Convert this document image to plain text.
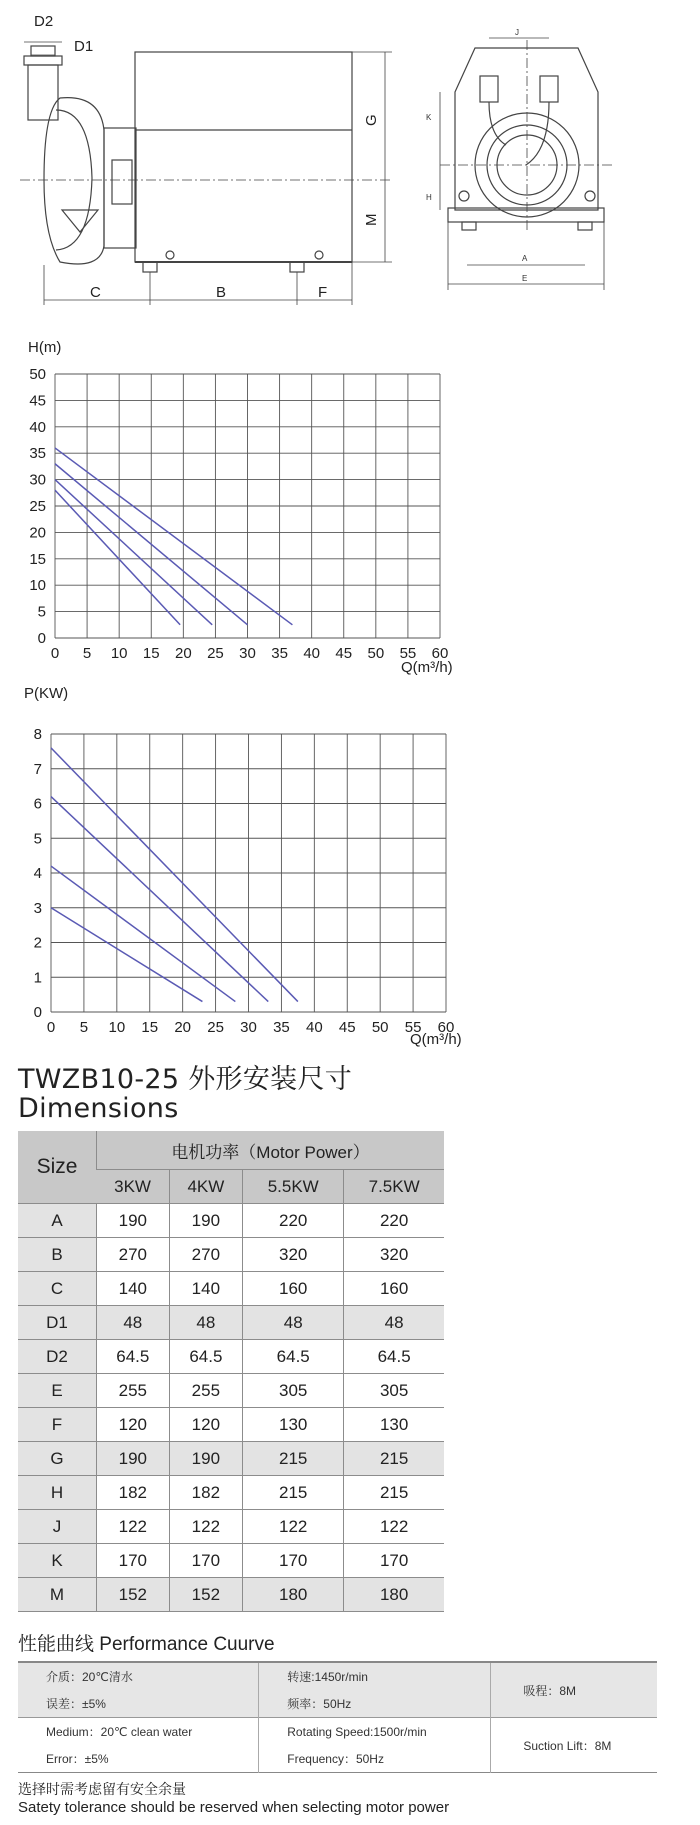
D2
D1
C	B	F
G
M
J
K
H
A
E
H(m)
Q(m³/h)
0 5 10 15 20 25 30 35 40 45 50 55 60
0
5
10
15
20
25
30
35
40
45
50
P(KW)
Q(m³/h)
0 5 10 15 20 25 30 35 40 45 50 55 60
0
1
2
3
4
5
6
7
8
TWZB10-25 外形安装尺寸
Dimensions
Size	电机功率（Motor Power）			
	3KW	4KW	5.5KW	7.5KW
A	190	190	220	220
B	270	270	320	320
C	140	140	160	160
D1	48	48	48	48
D2	64.5	64.5	64.5	64.5
E	255	255	305	305
F	120	120	130	130
G	190	190	215	215
H	182	182	215	215
J	122	122	122	122
K	170	170	170	170
M	152	152	180	180
性能曲线 Performance Cuurve
介质：20℃清水	转速:1450r/min	吸程：8M
误差：±5%	频率：50Hz	
Medium：20℃ clean water	Rotating Speed:1500r/min	Suction Lift：8M
Error：±5%	Frequency：50Hz	

选择时需考虑留有安全余量

Satety tolerance should be reserved when selecting motor power
